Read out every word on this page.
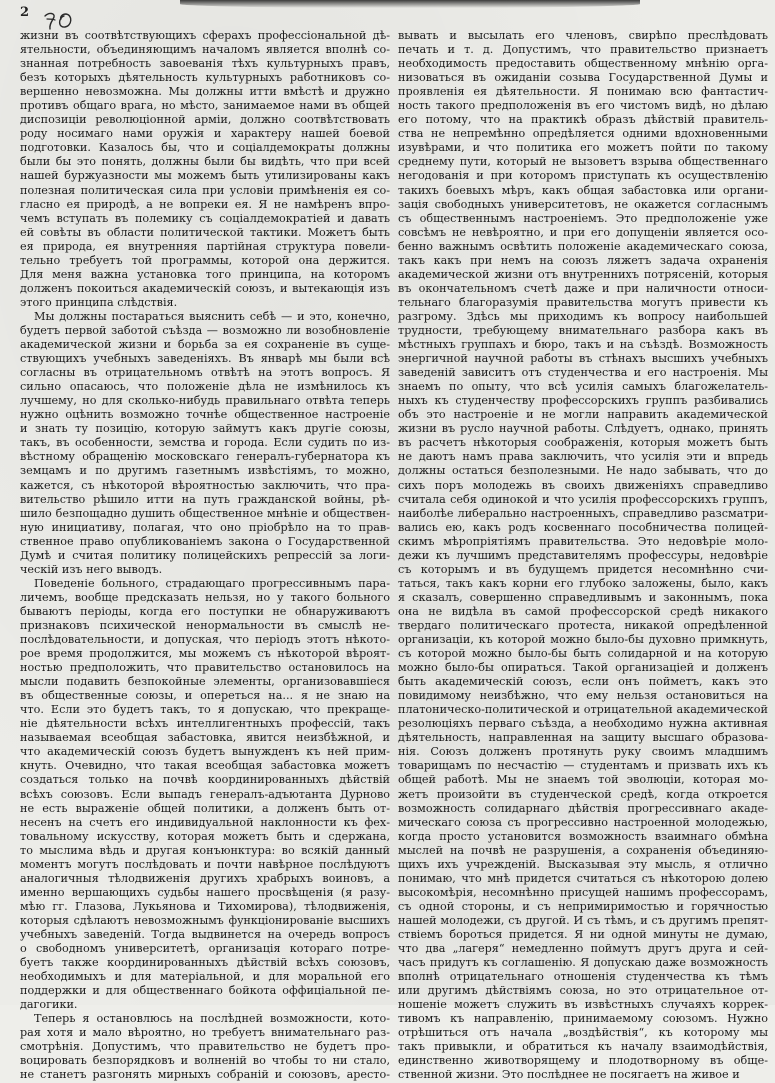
2
жизни въ соотвѣтствующихъ сферахъ профессіональной дѣ-
ятельности, объединяющимъ началомъ является вполнѣ со-
знанная потребность завоеванія тѣхъ культурныхъ правъ,
безъ которыхъ дѣятельность культурныхъ работниковъ со-
вершенно невозможна. Мы должны итти вмѣстѣ и дружно
противъ общаго врага, но мѣсто, занимаемое нами въ общей
диспозиціи революціонной арміи, должно соотвѣтствовать
роду носимаго нами оружія и характеру нашей боевой
подготовки. Казалось бы, что и соціалдемократы должны
были бы это понять, должны были бы видѣть, что при всей
нашей буржуазности мы можемъ быть утилизированы какъ
полезная политическая сила при условіи примѣненія ея со-
гласно ея природѣ, а не вопреки ея. Я не намѣренъ впро-
чемъ вступать въ полемику съ соціалдемократіей и давать
ей совѣты въ области политической тактики. Можетъ быть
ея природа, ея внутренняя партійная структура повели-
тельно требуетъ той программы, которой она держится.
Для меня важна установка того принципа, на которомъ
долженъ покоиться академическій союзъ, и вытекающія изъ
этого принципа слѣдствія.
Мы должны постараться выяснить себѣ — и это, конечно,
будетъ первой заботой съѣзда — возможно ли возобновленіе
академической жизни и борьба за ея сохраненіе въ суще-
ствующихъ учебныхъ заведеніяхъ. Въ январѣ мы были всѣ
согласны въ отрицательномъ отвѣтѣ на этотъ вопросъ. Я
сильно опасаюсь, что положеніе дѣла не измѣнилось къ
лучшему, но для сколько-нибудь правильнаго отвѣта теперь
нужно оцѣнить возможно точнѣе общественное настроеніе
и знать ту позицію, которую займутъ какъ другіе союзы,
такъ, въ особенности, земства и города. Если судить по из-
вѣстному обращенію московскаго генералъ-губернатора къ
земцамъ и по другимъ газетнымъ извѣстіямъ, то можно,
кажется, съ нѣкоторой вѣроятностью заключить, что пра-
вительство рѣшило итти на путь гражданской войны, рѣ-
шило безпощадно душить общественное мнѣніе и обществен-
ную инициативу, полагая, что оно пріобрѣло на то прав-
ственное право опубликованіемъ закона о Государственной
Думѣ и считая политику полицейскихъ репрессій за логи-
ческій изъ него выводъ.
Поведеніе больного, страдающаго прогрессивнымъ пара-
личемъ, вообще предсказать нельзя, но у такого больного
бываютъ періоды, когда его поступки не обнаруживаютъ
признаковъ психической ненормальности въ смыслѣ не-
послѣдовательности, и допуская, что періодъ этотъ нѣкото-
рое время продолжится, мы можемъ съ нѣкоторой вѣроят-
ностью предположить, что правительство остановилось на
мысли подавить безпокойные элементы, организовавшіеся
въ общественные союзы, и опереться на... я не знаю на
что. Если это будетъ такъ, то я допускаю, что прекраще-
ніе дѣятельности всѣхъ интеллигентныхъ профессій, такъ
называемая всеобщая забастовка, явится неизбѣжной, и
что академическій союзъ будетъ вынужденъ къ ней прим-
кнуть. Очевидно, что такая всеобщая забастовка можетъ
создаться только на почвѣ координированныхъ дѣйствій
всѣхъ союзовъ. Если выпадъ генералъ-адъютанта Дурново
не есть выраженіе общей политики, а долженъ быть от-
несенъ на счетъ его индивидуальной наклонности къ фех-
товальному искусству, которая можетъ быть и сдержана,
то мыслима вѣдь и другая конъюнктура: во всякій данный
моментъ могутъ послѣдовать и почти навѣрное послѣдуютъ
аналогичныя тѣлодвиженія другихъ храбрыхъ воиновъ, а
именно вершающихъ судьбы нашего просвѣщенія (я разу-
мѣю гг. Глазова, Лукьянова и Тихомирова), тѣлодвиженія,
которыя сдѣлаютъ невозможнымъ функціонированіе высшихъ
учебныхъ заведеній. Тогда выдвинется на очередь вопросъ
о свободномъ университетѣ, организація котораго потре-
буетъ также координированныхъ дѣйствій всѣхъ союзовъ,
необходимыхъ и для матеріальной, и для моральной его
поддержки и для общественнаго бойкота оффиціальной пе-
дагогики.
Теперь я остановлюсь на послѣдней возможности, кото-
рая хотя и мало вѣроятно, но требуетъ внимательнаго раз-
смотрѣнія. Допустимъ, что правительство не будетъ про-
воцировать безпорядковъ и волненій во чтобы то ни стало,
не станетъ разгонять мирныхъ собраній и союзовъ, аресто-
вывать и высылать его членовъ, свирѣпо преслѣдовать
печать и т. д. Допустимъ, что правительство признаетъ
необходимость предоставить общественному мнѣнію орга-
низоваться въ ожиданіи созыва Государственной Думы и
проявленія ея дѣятельности. Я понимаю всю фантастич-
ность такого предположенія въ его чистомъ видѣ, но дѣлаю
его потому, что на практикѣ образъ дѣйствій правитель-
ства не непремѣнно опредѣляется одними вдохновенными
изувѣрами, и что политика его можетъ пойти по такому
среднему пути, который не вызоветъ взрыва общественнаго
негодованія и при которомъ приступать къ осуществленію
такихъ боевыхъ мѣръ, какъ общая забастовка или органи-
зація свободныхъ университетовъ, не окажется согласнымъ
съ общественнымъ настроеніемъ. Это предположеніе уже
совсѣмъ не невѣроятно, и при его допущеніи является осо-
бенно важнымъ освѣтить положеніе академическаго союза,
такъ какъ при немъ на союзъ ляжетъ задача охраненія
академической жизни отъ внутреннихъ потрясеній, которыя
въ окончательномъ счетѣ даже и при наличности относи-
тельнаго благоразумія правительства могутъ привести къ
разгрому. Здѣсь мы приходимъ къ вопросу наибольшей
трудности, требующему внимательнаго разбора какъ въ
мѣстныхъ группахъ и бюро, такъ и на съѣздѣ. Возможность
энергичной научной работы въ стѣнахъ высшихъ учебныхъ
заведеній зависитъ отъ студенчества и его настроенія. Мы
знаемъ по опыту, что всѣ усилія самыхъ благожелатель-
ныхъ къ студенчеству профессорскихъ группъ разбивались
объ это настроеніе и не могли направить академической
жизни въ русло научной работы. Слѣдуетъ, однако, принять
въ расчетъ нѣкоторыя соображенія, которыя можетъ быть
не даютъ намъ права заключить, что усилія эти и впредь
должны остаться безполезными. Не надо забывать, что до
сихъ поръ молодежь въ своихъ движеніяхъ справедливо
считала себя одинокой и что усилія профессорскихъ группъ,
наиболѣе либерально настроенныхъ, справедливо разсматри-
вались ею, какъ родъ косвеннаго пособничества полицей-
скимъ мѣропріятіямъ правительства. Это недовѣріе моло-
дежи къ лучшимъ представителямъ профессуры, недовѣріе
съ которымъ и въ будущемъ придется несомнѣнно счи-
таться, такъ какъ корни его глубоко заложены, было, какъ
я сказалъ, совершенно справедливымъ и законнымъ, пока
она не видѣла въ самой профессорской средѣ никакого
твердаго политическаго протеста, никакой опредѣленной
организаціи, къ которой можно было-бы духовно примкнуть,
съ которой можно было-бы быть солидарной и на которую
можно было-бы опираться. Такой организаціей и долженъ
быть академическій союзъ, если онъ пойметъ, какъ это
повидимому неизбѣжно, что ему нельзя остановиться на
платоническо-политической и отрицательной академической
резолюціяхъ перваго съѣзда, а необходимо нужна активная
дѣятельность, направленная на защиту высшаго образова-
нія. Союзъ долженъ протянуть руку своимъ младшимъ
товарищамъ по несчастію — студентамъ и призвать ихъ къ
общей работѣ. Мы не знаемъ той эволюціи, которая мо-
жетъ произойти въ студенческой средѣ, когда откроется
возможность солидарнаго дѣйствія прогрессивнаго акаде-
мическаго союза съ прогрессивно настроенной молодежью,
когда просто установится возможность взаимнаго обмѣна
мыслей на почвѣ не разрушенія, а сохраненія объединяю-
щихъ ихъ учрежденій. Высказывая эту мысль, я отлично
понимаю, что мнѣ придется считаться съ нѣкоторою долею
высокомѣрія, несомнѣнно присущей нашимъ профессорамъ,
съ одной стороны, и съ непримиримостью и горячностью
нашей молодежи, съ другой. И съ тѣмъ, и съ другимъ препят-
ствіемъ бороться придется. Я ни одной минуты не думаю,
что два „лагеря“ немедленно поймутъ другъ друга и сей-
часъ придутъ къ соглашенію. Я допускаю даже возможность
вполнѣ отрицательнаго отношенія студенчества къ тѣмъ
или другимъ дѣйствіямъ союза, но это отрицательное от-
ношеніе можетъ служить въ извѣстныхъ случаяхъ коррек-
тивомъ къ направленію, принимаемому союзомъ. Нужно
отрѣшиться отъ начала „воздѣйствія“, къ которому мы
такъ привыкли, и обратиться къ началу взаимодѣйствія,
единственно животворящему и плодотворному въ обще-
ственной жизни. Это послѣднее не посягаетъ на живое и
